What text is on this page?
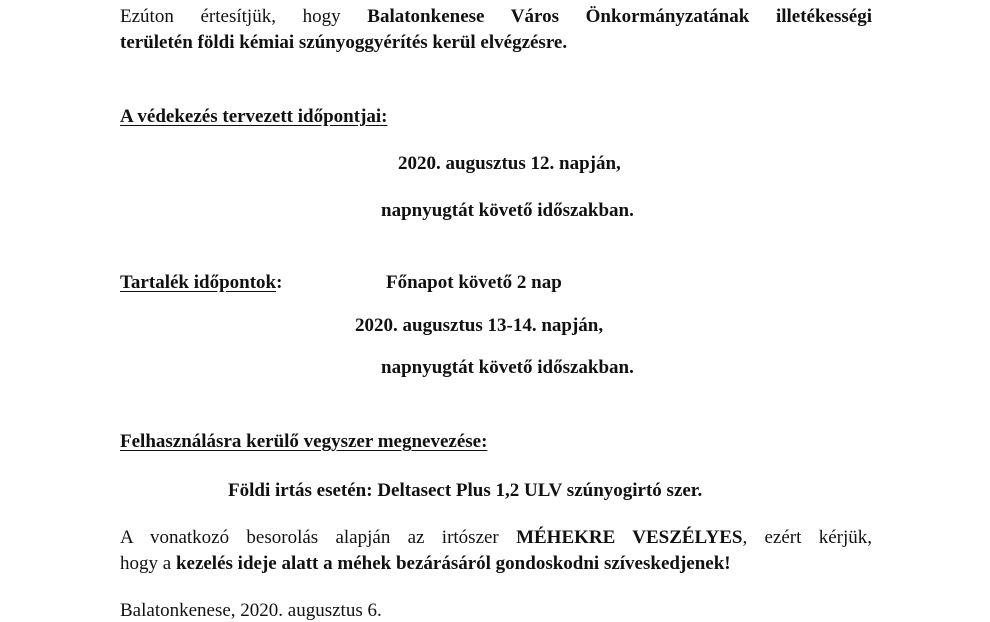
Ezúton értesítjük, hogy Balatonkenese Város Önkormányzatának illetékességi
területén földi kémiai szúnyoggyérítés kerül elvégzésre.
A védekezés tervezett időpontjai:
2020. augusztus 12. napján,
napnyugtát követő időszakban.
Tartalék időpontok:	Főnapot követő 2 nap
2020. augusztus 13-14. napján,
napnyugtát követő időszakban.
Felhasználásra kerülő vegyszer megnevezése:
Földi irtás esetén: Deltasect Plus 1,2 ULV szúnyogirtó szer.
A vonatkozó besorolás alapján az irtószer MÉHEKRE VESZÉLYES, ezért kérjük,
hogy a kezelés ideje alatt a méhek bezárásáról gondoskodni szíveskedjenek!
Balatonkenese, 2020. augusztus 6.
